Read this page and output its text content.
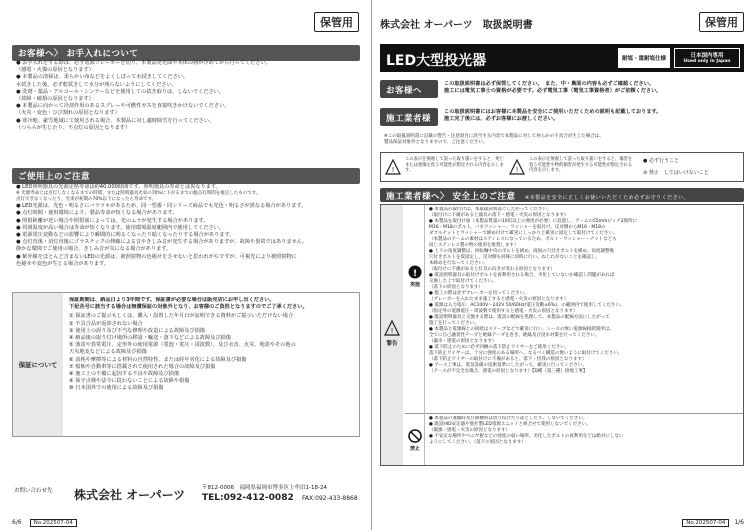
保管用
お客様へ〉 お手入れについて
● お手入れをする際は、必ず電源ブレーカーを切り、本製品発光面や本体の熱が冷めてから行ってください。
（感電・火傷の原因となります）
● 本製品の清掃は、柔らかい布などをよくしぼって水拭きしてください。
水拭きした後、必ず乾拭きして水分が残らないようにしてください。
● 洗剤・薬品・アルコール・シンナーなどを使用しての拭き取りは、しないでください。
（故障・破損の原因となります）
● 本製品に向かって冷却作用のあるスプレーや可燃性ガスを直接吹きかけないでください。
（火災・変色・ひび割れの原因となります）
● 寒冷地、豪雪地域にて使用される場合、本製品に対し適時除雪を行ってください。
（つららが生じたり、不点灯の原因となります）
ご使用上のご注意
● LED照明器具の光源定格寿命は約40,000時間です。照明器具の寿命とは異なります。
※ 光源寿命とは点灯しなくなるまでの時間、または照明器具光束の70%に下がるまでの総点灯時間を推定したものです。
点灯できなくなったり、光束が初期の70%以下になったら寿命です。
● LED光源は、光色・明るさにバラツキがあるため、同一型番・同シリーズ商品でも光色・明るさが異なる場合があります。
● 点灯時間・使用環境により、製品寿命が短くなる場合があります。
● 照射距離が近い場合や照射面によっては、光のムラが発生する場合があります。
● 周囲温度が高い場合は寿命が短くなります。使用環境温度範囲内で使用してください。
● 電源電圧変動などの影響により瞬間的に明るくなったり暗くなったりする場合があります。
● 点灯直後・消灯直後にプラスチックの伸縮による音やきしみ音が発生する場合がありますが、故障や異常ではありません。
静かな環境でご使用の場合、きしみ音が気になる場合があります。
● 紫外線をほとんど含まないLEDの光源は、被照射物の色褪せをさせないと思われがちですが、可視光により被照射物に
色褪せや変色が生じる場合があります。
保証について
保証期間は、納品日より3年間です。保証書が必要な場合は販売店にお申し出ください。
下記各号に該当する場合は無償保証の対象外となり、お客様のご負担となりますのでご了承ください。
① 保証書のご提示もしくは、購入・設置した年月日が証明できる資料がご提示いただけない場合
② 不具合品が返却されない場合
③ 使用上の誤り及び不当な修理や改造による故障及び損傷
④ 納品後の取り付け場所の移設・輸送・落下などによる故障及び損傷
⑤ 落雷や異常電圧、定形外の使用電源（電池・電圧・周波数）、及び水害、火災、地震やその他の
天災地変などによる故障及び損傷
⑥ 消耗や摩擦等による材料の自然特性、または経年劣化による故障及び損傷
⑦ 船舶や自動車等に搭載されて使用された場合の故障及び損傷
⑧ 施工上の不備に起因する不良や故障及び損傷
⑨ 保守点検や法令に従わないことによる故障や損傷
⑩ 日本国外での使用による故障及び損傷
お問い合わせ先 株式会社 オーパーツ	〒812-0006　福岡県福岡市博多区上牟田1-18-24
TEL:092-412-0082 FAX:092-433-8868
6/6 No.202507-04
株式会社 オーパーツ　取扱説明書	保管用
LED大型投光器	耐塩・重耐塩仕様	日本国内専用
Used only in Japan
お客様へ
この取扱説明書は必ず保管してください。　また、中・裏面の内容も必ずご確認ください。
施工には電気工事士の資格が必要です。必ず電気工事（電気工事資格者）がご依頼ください。
施工業者様へ
この取扱説明書にはお客様に本製品を安全にご使用いただくための説明も記載しております。
施工完了後には、必ずお客様にお渡しください。
※この取扱説明書に記載の警告・注意項目に該当する内容で本製品に対して何らかの不具合が生じた場合は、
製品保証対象外となりますので、ご注意ください。
!
この表示を無視して誤った取り扱いをすると、死亡または重傷を負う可能性が想定される内容を示します。	!
この表示を無視して誤った取り扱いをすると、傷害を負う可能性や物的損害が発生する可能性が想定される内容を示します。
● 必ず行うこと
⊘ 禁止　してはいけないこと
施工業者様へ〉 安全上のご注意 ※本製品を安全に正しくお使いいただくため必ずお守りください。
!
警告
!
実施
● 本製品の取付けは、本取扱説明書にしたがってください。
（取付けに不備があると器具の落下・感電・火災の原因となります）
● 本製品を取付け面（本製品質量の10倍以上の強度が必要）に設置し、アームの55mmピッチ2箇所に
M16・M18のボルト、バネワッシャー、ワッシャーを取付け、反対側からM16・M18の
ダブルナットとワッシャーで締め付けて確実にしっかりと確実に固定して取付けてください。
（本製品のアームの素材はステンレスになっているため、ボルト・ワッシャー・ナットなども
同じステンレス製の物の使用を推奨します）
● 上下の角度調整は、回転軸中央のボルトを緩め、両固の穴付きボルトを緩め、角度調整後
穴付きボルトを仮固定し、反対側も同様に同時に行い、ねじれがないことを確認し、
本締めを行なってください。
（取付けに不備があると灯具の向きが変わる原因となります）
● 既設照明器具の取付けボルトを再利用される場合、劣化していないか確認し問題があれば
交換した上で取付けてください。
（落下の原因となります）
● 施工の際は必ずブレーカーを切ってください。
（ブレーカーを入れたまま施工すると感電・火災の原因となります）
● 電源は入力電圧：AC100V〜242V 50/60Hz(電圧変動±6%)、の範囲内で使用してください。
（指定外の電源電圧・周波数で使用すると感電・火災の原因となります）
● 既設照明器具と交換する際は、既設の配線を処理して、本製品の配線方法にしたがって
施工を行ってください。
● 本製品と電源線との接続はスリーブなどで確実に行い、シースの無い電源線接続箇所は、
全てに自己融着性テープと絶縁テープを巻き、絶縁及び浸水対策を行ってください。
（漏水・感電の原因となります）
● 落下防止のために必ず同梱の落下防止ワイヤーをご使用ください。
落下防止ワイヤーは、十分に強度のある場所へ、なるべく構造の無いように取付けてください。
（落下防止ワイヤーの取付けに不備があると、落下・怪我の原因となります）
● アース工事は、電気設備の技術基準にしたがって、確実に行ってください。
（アースが不完全な場合、感電の原因となります）【D種（第三種）接地工事】
禁止
● 本製品の運搬時及び開梱時は放り投げたり落としたり、しないでください。
● 既設HID安定器や他社製LED電源ユニットと組合せて使用しないでください。
（破損・感電・火災の原因となります）
● 不安定な場所やベニヤ板などの強度の弱い場所、劣化したボルトの再利用などは絶対にしない
ようにしてください。（落下の原因となります）
No.202507-04 1/6
